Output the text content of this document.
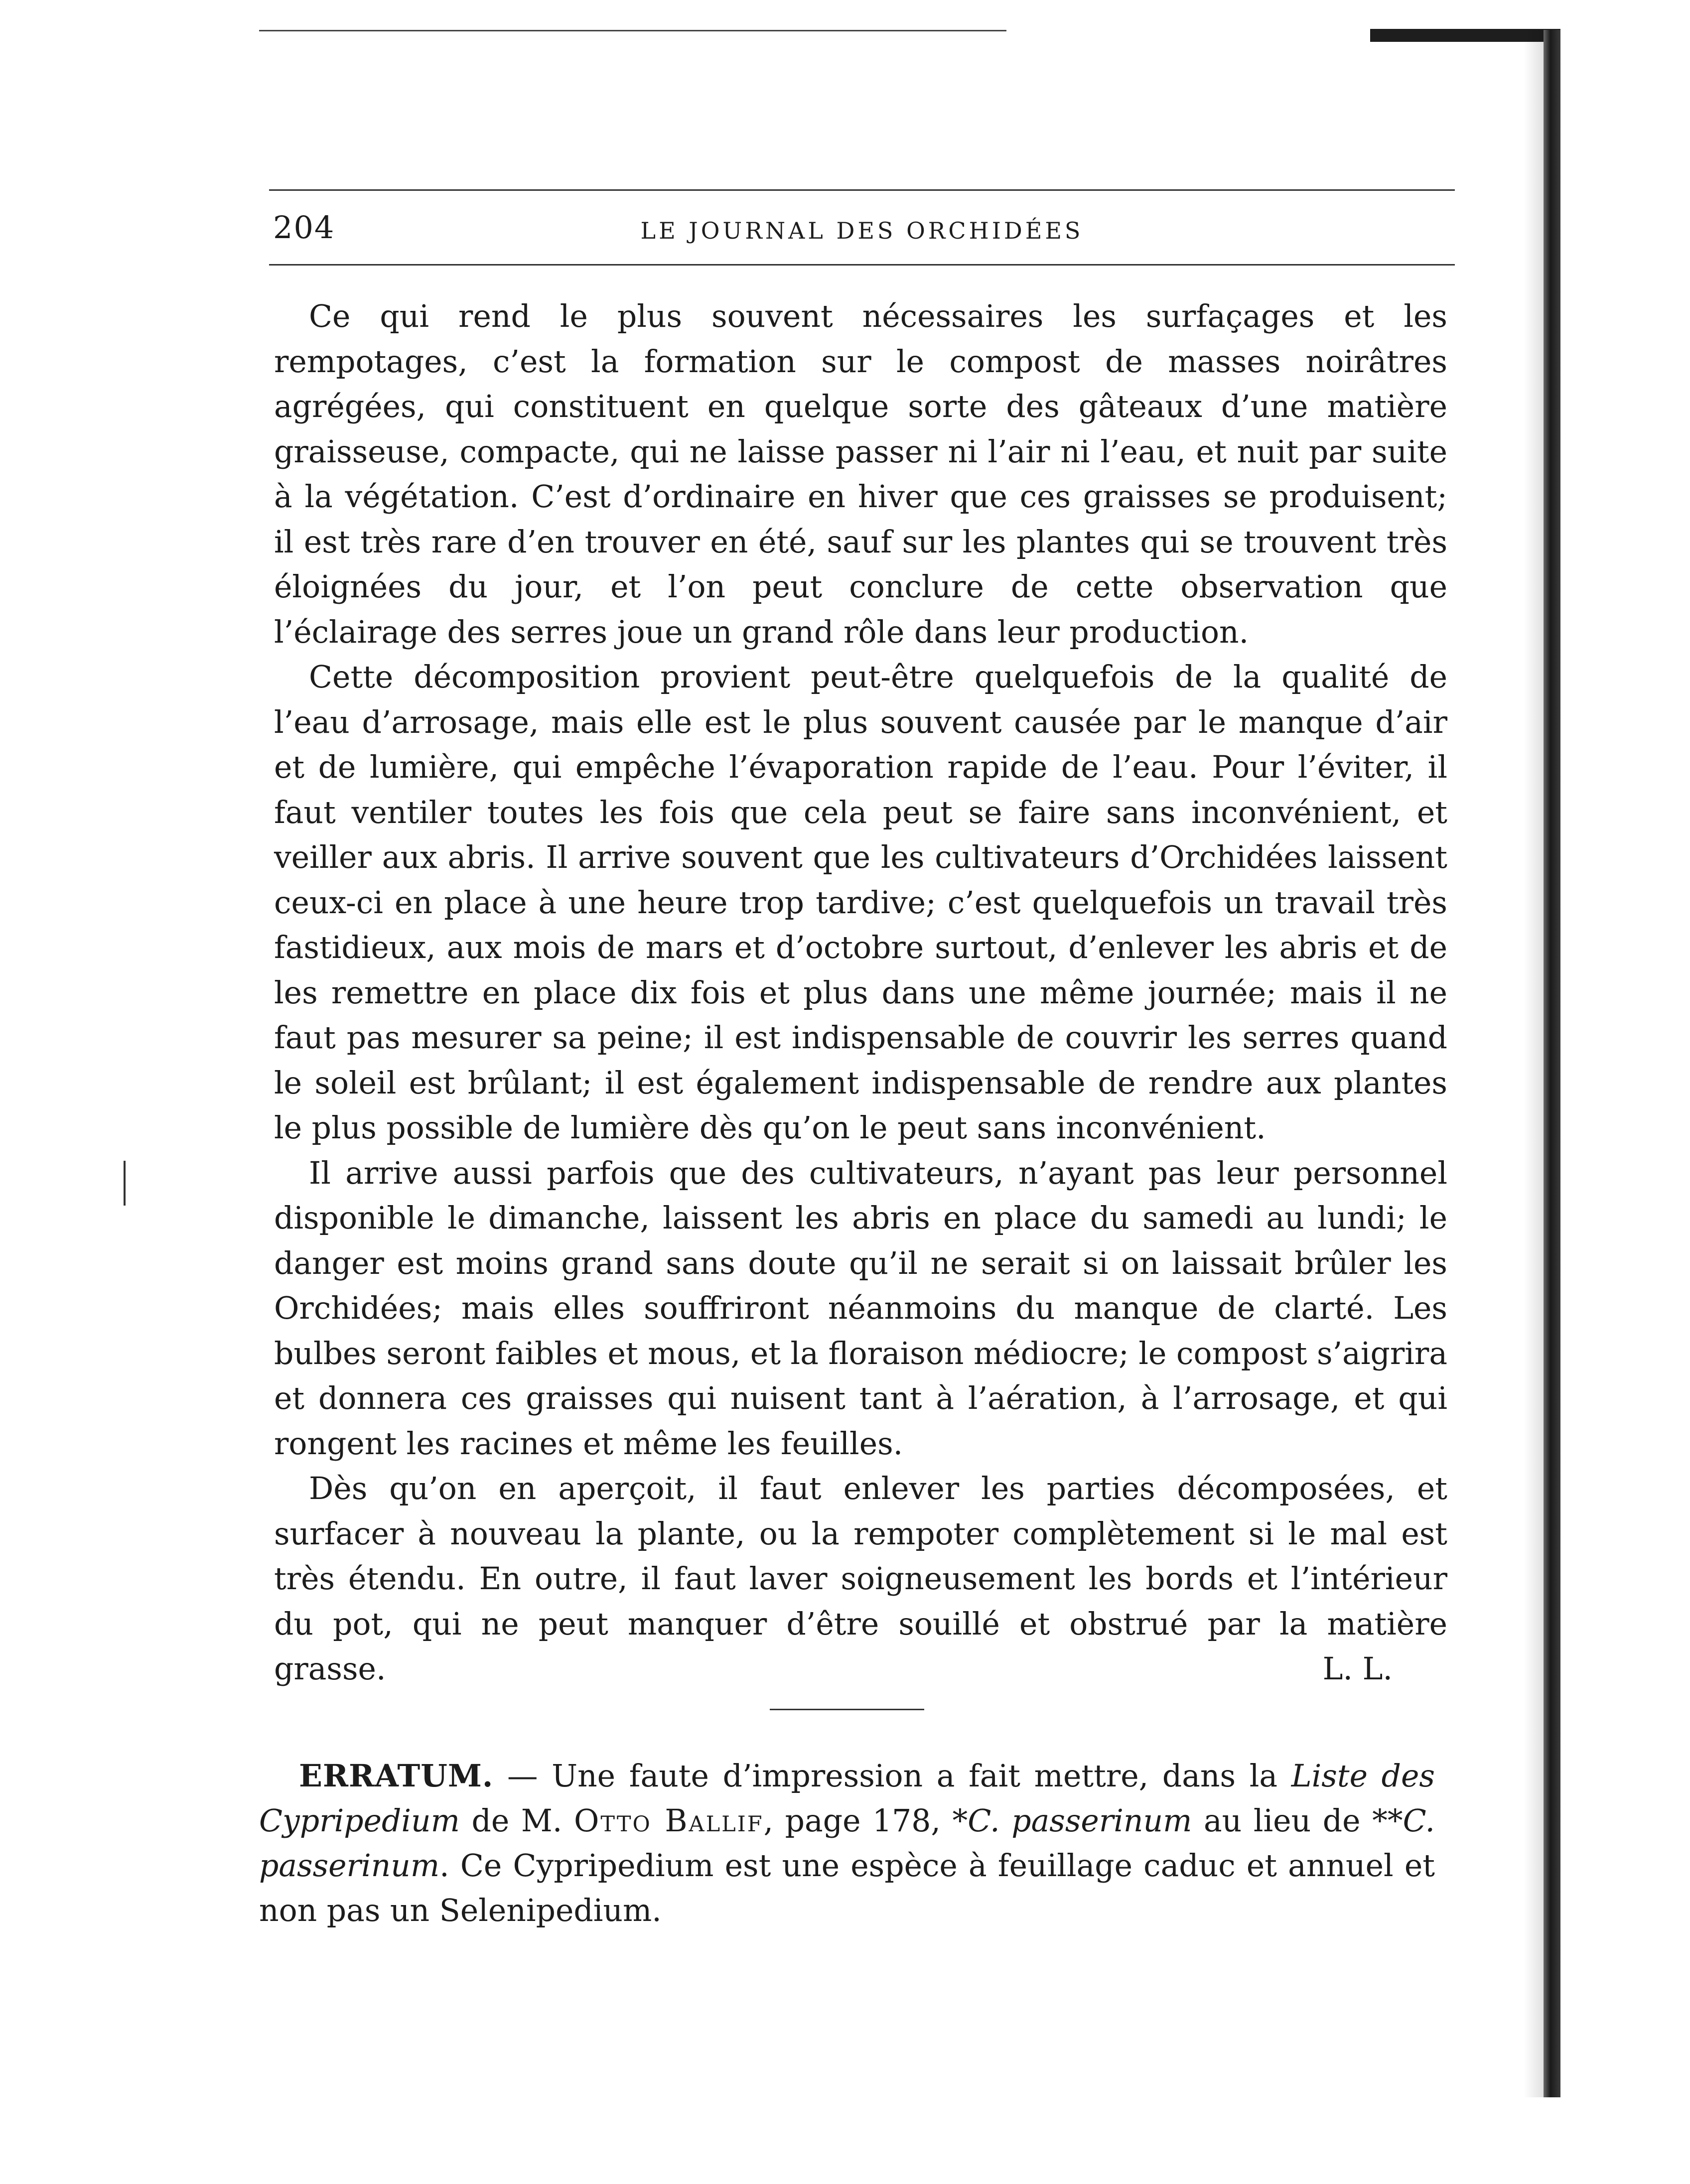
204	LE JOURNAL DES ORCHIDÉES

Ce qui rend le plus souvent nécessaires les surfaçages et les rempotages, c’est la formation sur le compost de masses noirâtres agrégées, qui constituent en quelque sorte des gâteaux d’une matière graisseuse, compacte, qui ne laisse passer ni l’air ni l’eau, et nuit par suite à la végétation. C’est d’ordinaire en hiver que ces graisses se produisent; il est très rare d’en trouver en été, sauf sur les plantes qui se trouvent très éloignées du jour, et l’on peut conclure de cette observation que l’éclairage des serres joue un grand rôle dans leur production.

Cette décomposition provient peut-être quelquefois de la qualité de l’eau d’arrosage, mais elle est le plus souvent causée par le manque d’air et de lumière, qui empêche l’évaporation rapide de l’eau. Pour l’éviter, il faut ventiler toutes les fois que cela peut se faire sans inconvénient, et veiller aux abris. Il arrive souvent que les cultivateurs d’Orchidées laissent ceux-ci en place à une heure trop tardive; c’est quelquefois un travail très fastidieux, aux mois de mars et d’octobre surtout, d’enlever les abris et de les remettre en place dix fois et plus dans une même journée; mais il ne faut pas mesurer sa peine; il est indispensable de couvrir les serres quand le soleil est brûlant; il est également indispensable de rendre aux plantes le plus possible de lumière dès qu’on le peut sans inconvénient.

Il arrive aussi parfois que des cultivateurs, n’ayant pas leur personnel disponible le dimanche, laissent les abris en place du samedi au lundi; le danger est moins grand sans doute qu’il ne serait si on laissait brûler les Orchidées; mais elles souffriront néanmoins du manque de clarté. Les bulbes seront faibles et mous, et la floraison médiocre; le compost s’aigrira et donnera ces graisses qui nuisent tant à l’aération, à l’arrosage, et qui rongent les racines et même les feuilles.

Dès qu’on en aperçoit, il faut enlever les parties décomposées, et surfacer à nouveau la plante, ou la rempoter complètement si le mal est très étendu. En outre, il faut laver soigneusement les bords et l’intérieur du pot, qui ne peut manquer d’être souillé et obstrué par la matière grasse.	L. L.

ERRATUM. — Une faute d’impression a fait mettre, dans la Liste des Cypripedium de M. Otto Ballif, page 178, *C. passerinum au lieu de **C. passerinum. Ce Cypripedium est une espèce à feuillage caduc et annuel et non pas un Selenipedium.
